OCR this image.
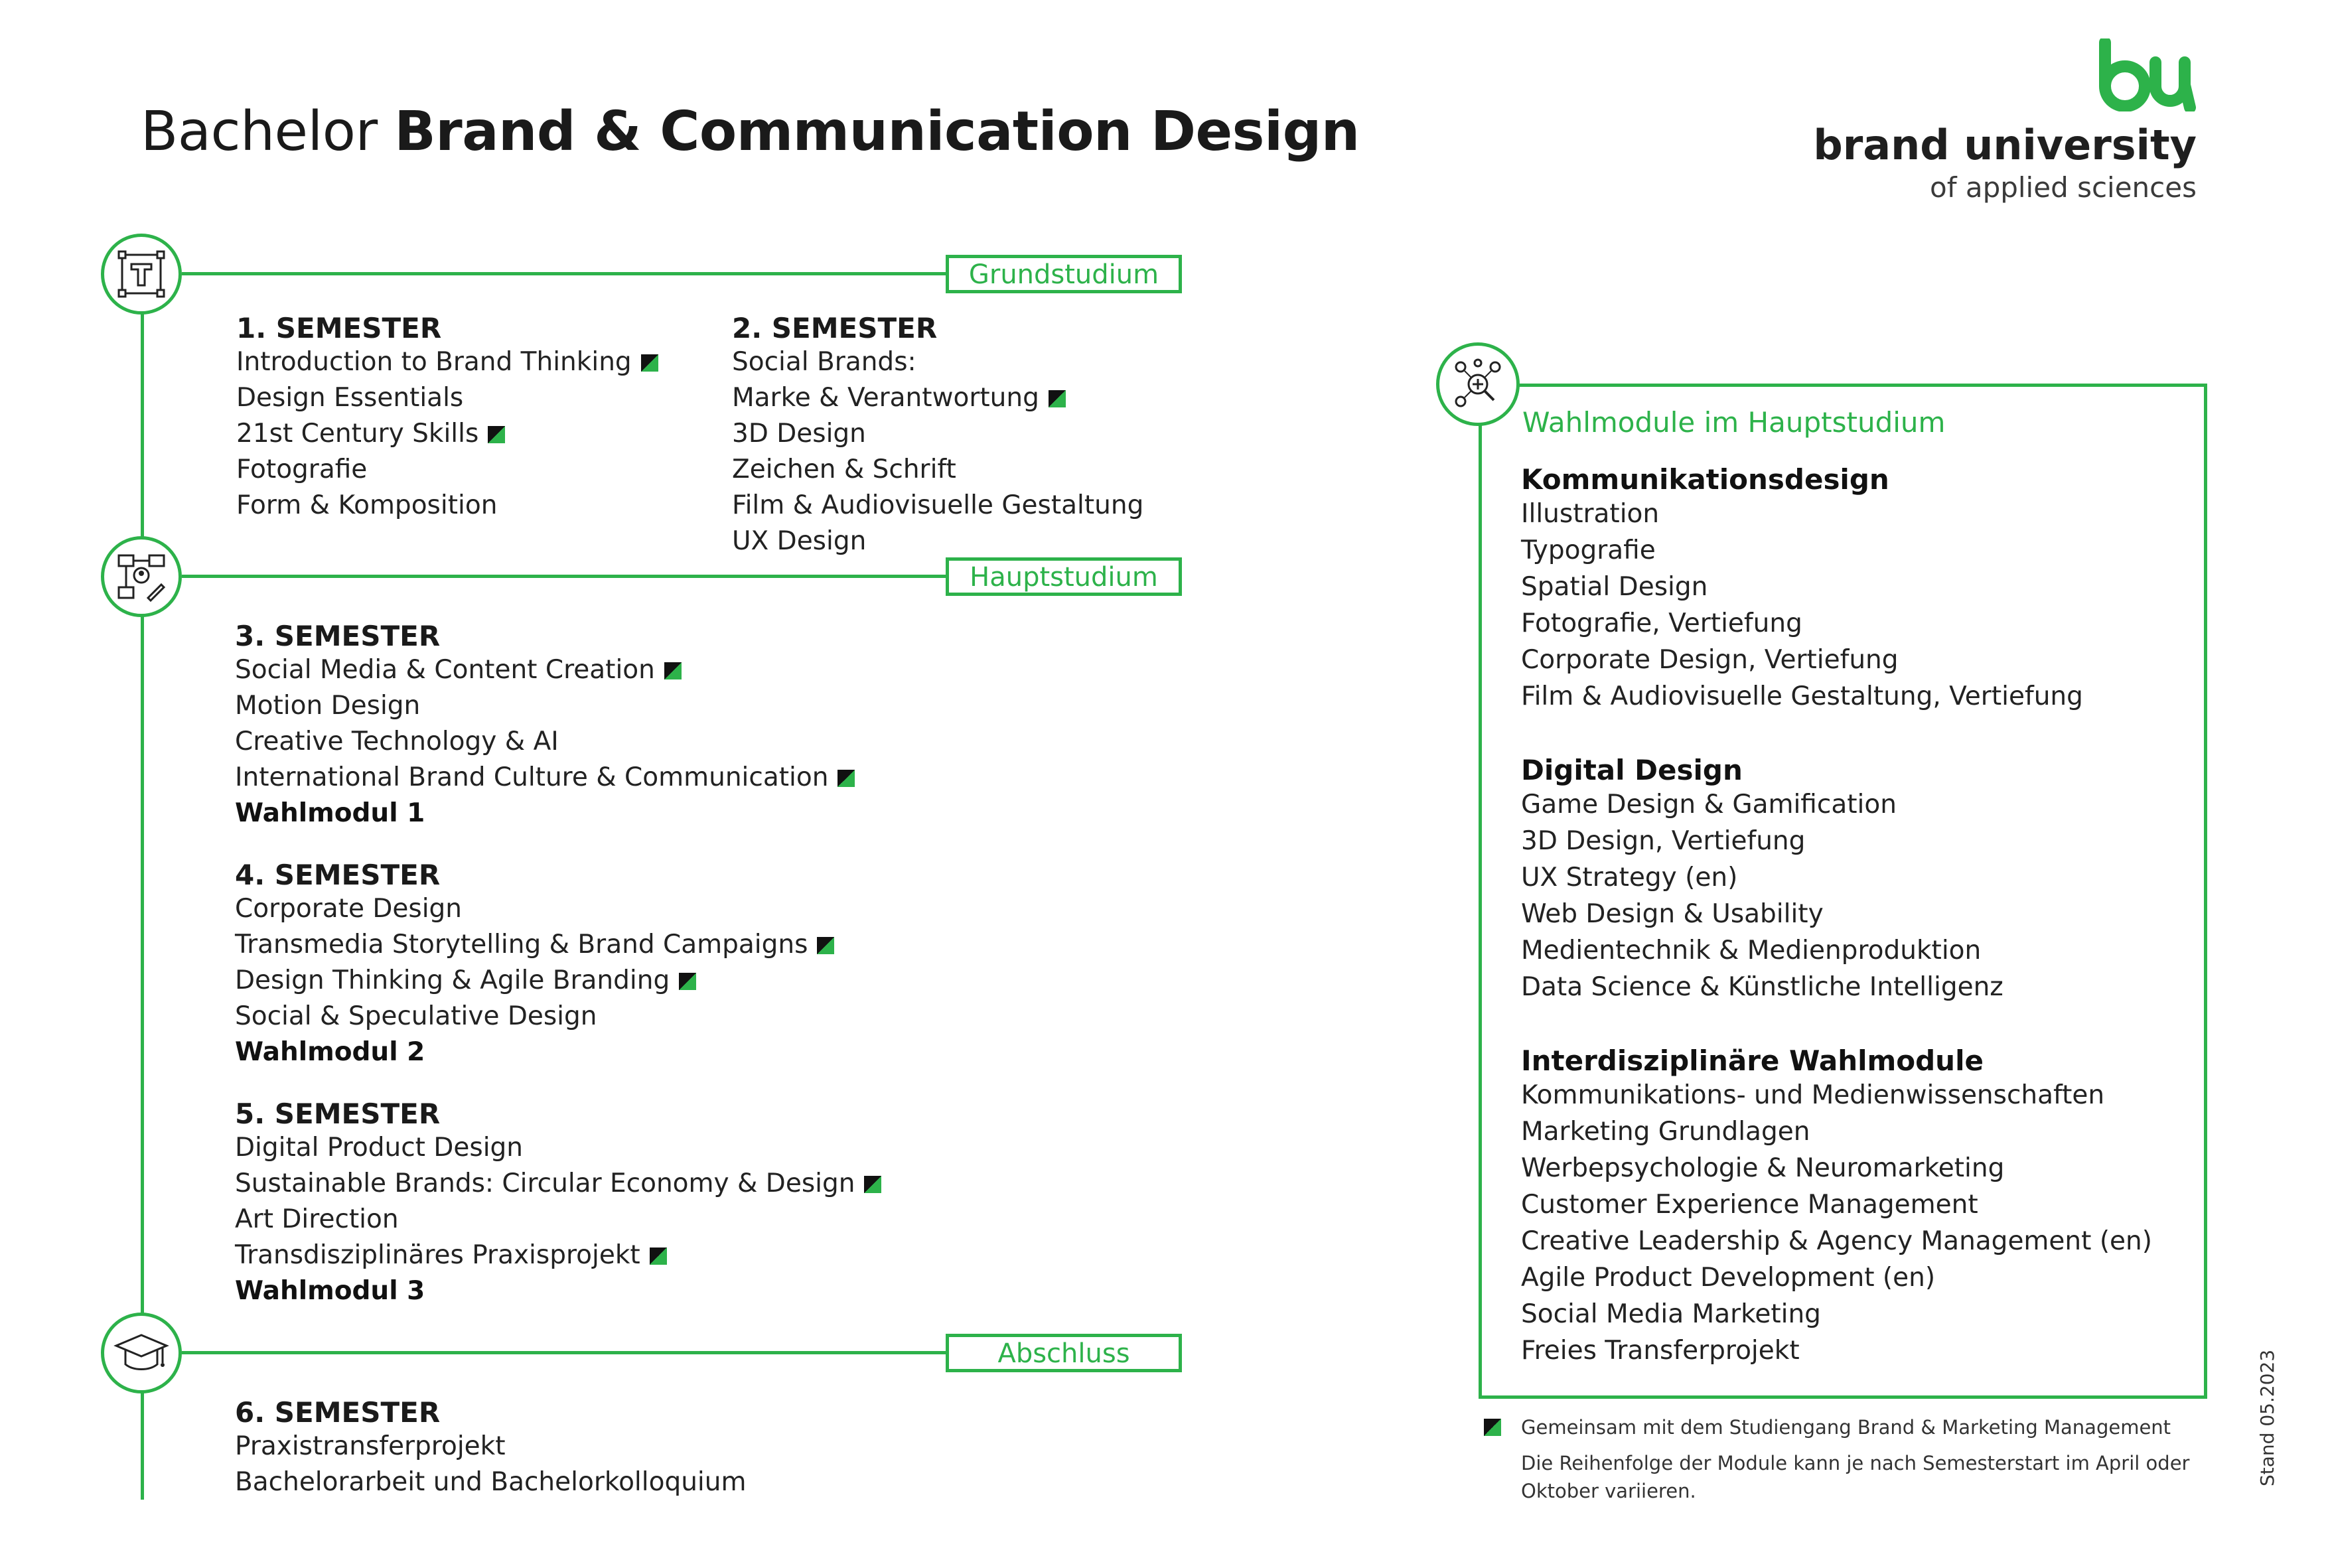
Bachelor Brand & Communication Design	brand university
of applied sciences
Grundstudium
1. SEMESTER
Introduction to Brand Thinking
Design Essentials
21st Century Skills
Fotografie
Form & Komposition
2. SEMESTER
Social Brands:
Marke & Verantwortung
3D Design
Zeichen & Schrift
Film & Audiovisuelle Gestaltung
UX Design
Hauptstudium
3. SEMESTER
Social Media & Content Creation
Motion Design
Creative Technology & AI
International Brand Culture & Communication
Wahlmodul 1
4. SEMESTER
Corporate Design
Transmedia Storytelling & Brand Campaigns
Design Thinking & Agile Branding
Social & Speculative Design
Wahlmodul 2
5. SEMESTER
Digital Product Design
Sustainable Brands: Circular Economy & Design
Art Direction
Transdisziplinäres Praxisprojekt
Wahlmodul 3
Abschluss
6. SEMESTER
Praxistransferprojekt
Bachelorarbeit und Bachelorkolloquium
Wahlmodule im Hauptstudium
Kommunikationsdesign
Illustration
Typografie
Spatial Design
Fotografie, Vertiefung
Corporate Design, Vertiefung
Film & Audiovisuelle Gestaltung, Vertiefung
Digital Design
Game Design & Gamification
3D Design, Vertiefung
UX Strategy (en)
Web Design & Usability
Medientechnik & Medienproduktion
Data Science & Künstliche Intelligenz
Interdisziplinäre Wahlmodule
Kommunikations- und Medienwissenschaften
Marketing Grundlagen
Werbepsychologie & Neuromarketing
Customer Experience Management
Creative Leadership & Agency Management (en)
Agile Product Development (en)
Social Media Marketing
Freies Transferprojekt
Gemeinsam mit dem Studiengang Brand & Marketing Management
Die Reihenfolge der Module kann je nach Semesterstart im April oder
Oktober variieren.
Stand 05.2023
